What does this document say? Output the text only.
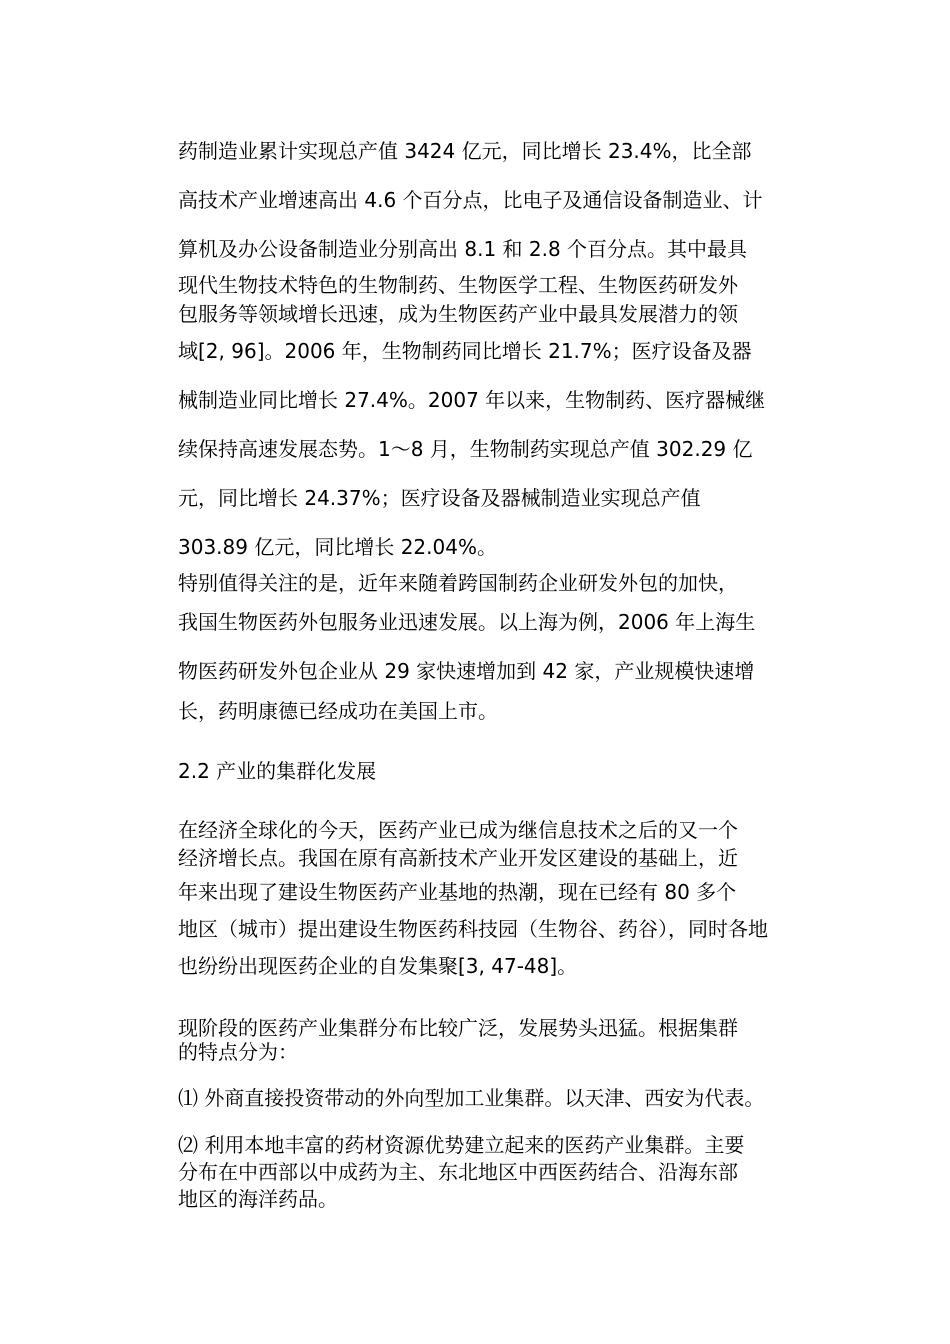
药制造业累计实现总产值 3424 亿元，同比增长 23.4%，比全部
高技术产业增速高出 4.6 个百分点，比电子及通信设备制造业、计
算机及办公设备制造业分别高出 8.1 和 2.8 个百分点。其中最具
现代生物技术特色的生物制药、生物医学工程、生物医药研发外
包服务等领域增长迅速，成为生物医药产业中最具发展潜力的领
域[2, 96]。2006 年，生物制药同比增长 21.7%；医疗设备及器
械制造业同比增长 27.4%。2007 年以来，生物制药、医疗器械继
续保持高速发展态势。1～8 月，生物制药实现总产值 302.29 亿
元，同比增长 24.37%；医疗设备及器械制造业实现总产值
303.89 亿元，同比增长 22.04%。
特别值得关注的是，近年来随着跨国制药企业研发外包的加快，
我国生物医药外包服务业迅速发展。以上海为例，2006 年上海生
物医药研发外包企业从 29 家快速增加到 42 家，产业规模快速增
长，药明康德已经成功在美国上市。
2.2 产业的集群化发展
在经济全球化的今天，医药产业已成为继信息技术之后的又一个
经济增长点。我国在原有高新技术产业开发区建设的基础上，近
年来出现了建设生物医药产业基地的热潮，现在已经有 80 多个
地区（城市）提出建设生物医药科技园（生物谷、药谷），同时各地
也纷纷出现医药企业的自发集聚[3, 47-48]。
现阶段的医药产业集群分布比较广泛，发展势头迅猛。根据集群
的特点分为：
⑴ 外商直接投资带动的外向型加工业集群。以天津、西安为代表。
⑵ 利用本地丰富的药材资源优势建立起来的医药产业集群。主要
分布在中西部以中成药为主、东北地区中西医药结合、沿海东部
地区的海洋药品。
